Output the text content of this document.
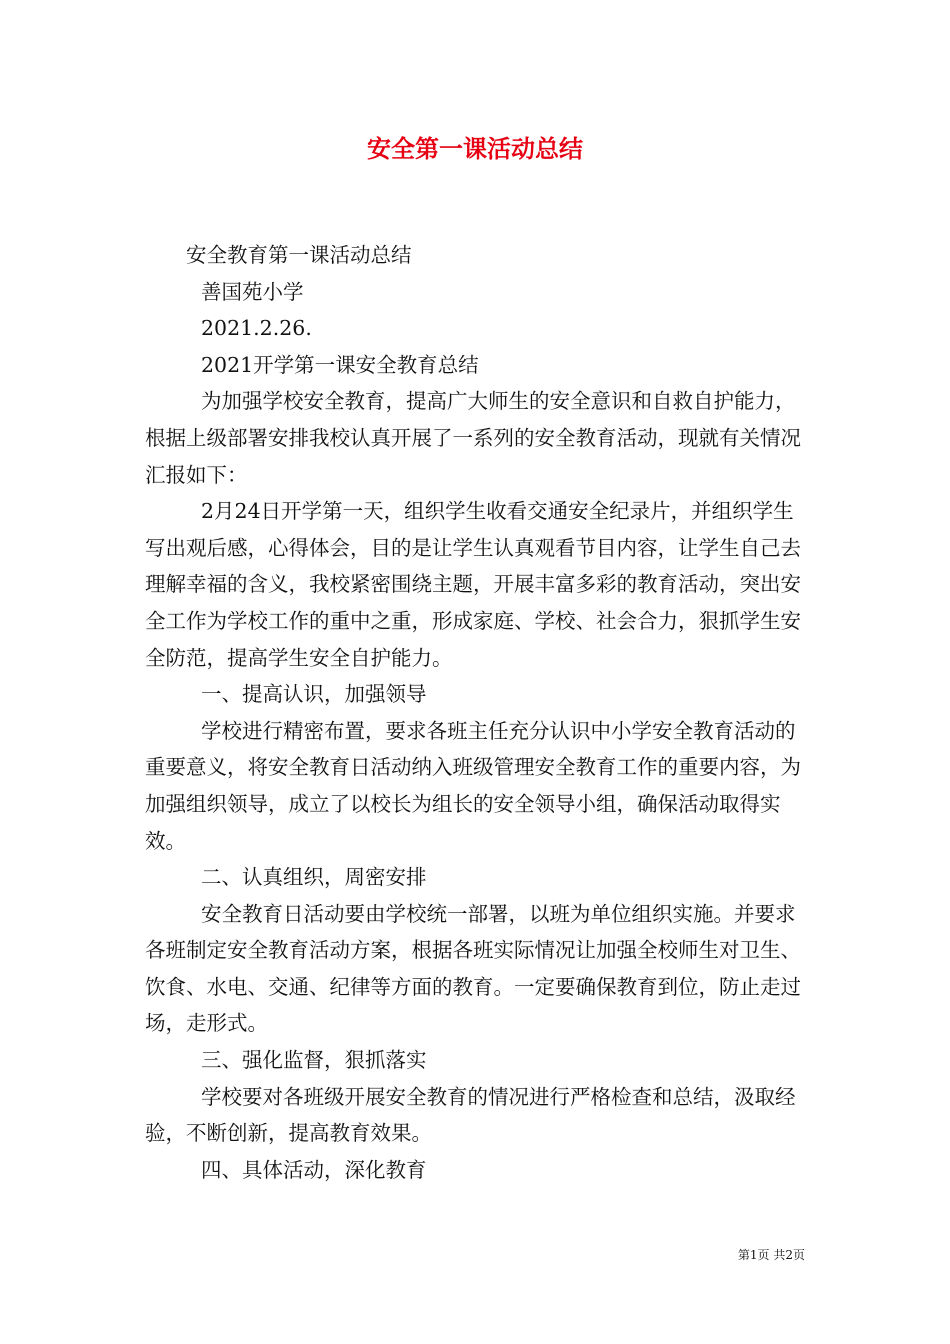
安全第一课活动总结

安全教育第一课活动总结

善国苑小学

2021.2.26.

2021开学第一课安全教育总结

为加强学校安全教育，提高广大师生的安全意识和自救自护能力，根据上级部署安排我校认真开展了一系列的安全教育活动，现就有关情况汇报如下：

2月24日开学第一天，组织学生收看交通安全纪录片，并组织学生写出观后感，心得体会，目的是让学生认真观看节目内容，让学生自己去理解幸福的含义，我校紧密围绕主题，开展丰富多彩的教育活动，突出安全工作为学校工作的重中之重，形成家庭、学校、社会合力，狠抓学生安全防范，提高学生安全自护能力。

一、提高认识，加强领导

学校进行精密布置，要求各班主任充分认识中小学安全教育活动的重要意义，将安全教育日活动纳入班级管理安全教育工作的重要内容，为加强组织领导，成立了以校长为组长的安全领导小组，确保活动取得实效。

二、认真组织，周密安排

安全教育日活动要由学校统一部署，以班为单位组织实施。并要求各班制定安全教育活动方案，根据各班实际情况让加强全校师生对卫生、饮食、水电、交通、纪律等方面的教育。一定要确保教育到位，防止走过场，走形式。

三、强化监督，狠抓落实

学校要对各班级开展安全教育的情况进行严格检查和总结，汲取经验，不断创新，提高教育效果。

四、具体活动，深化教育

第1页 共2页
